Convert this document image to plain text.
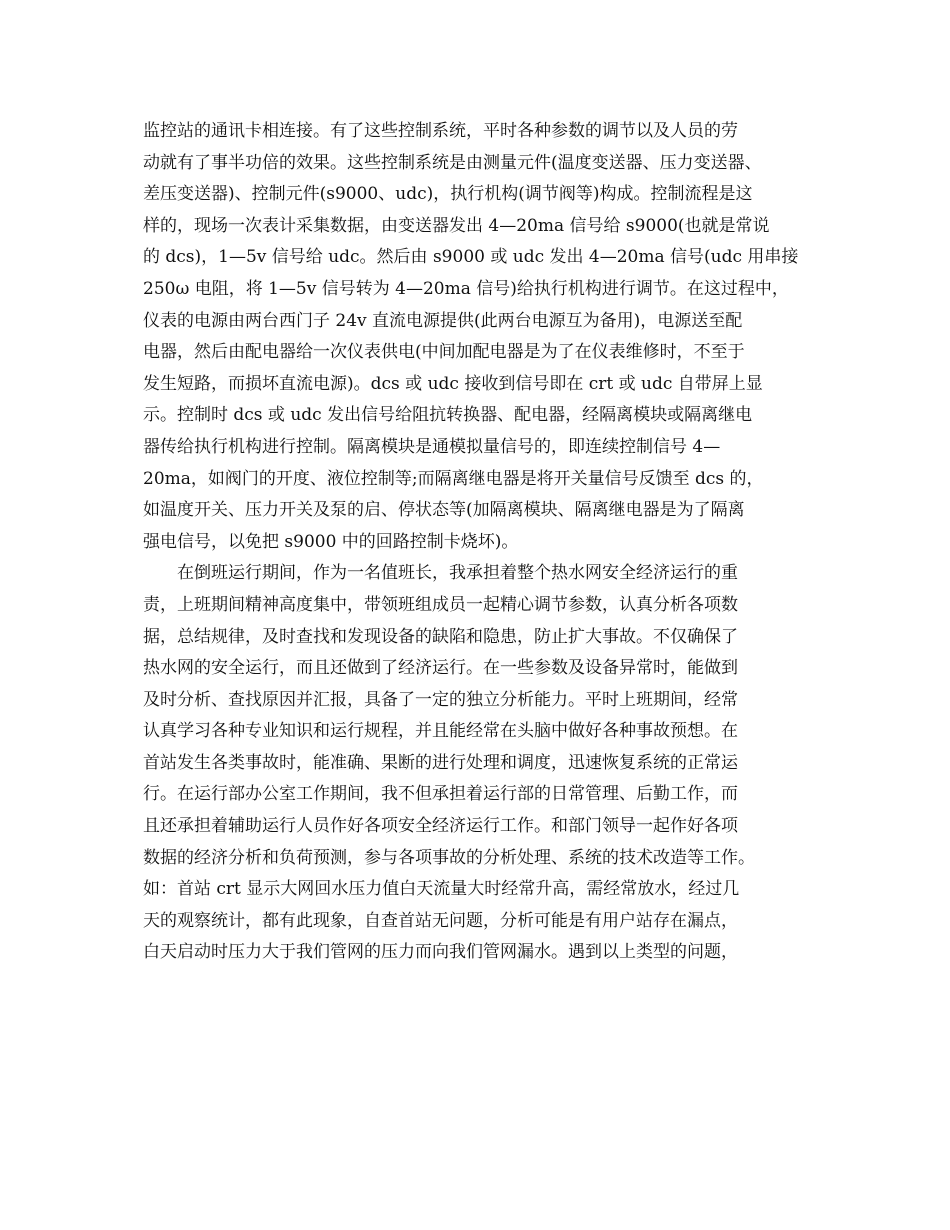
监控站的通讯卡相连接。有了这些控制系统，平时各种参数的调节以及人员的劳
动就有了事半功倍的效果。这些控制系统是由测量元件(温度变送器、压力变送器、
差压变送器)、控制元件(s9000、udc)，执行机构(调节阀等)构成。控制流程是这
样的，现场一次表计采集数据，由变送器发出 4—20ma 信号给 s9000(也就是常说
的 dcs)，1—5v 信号给 udc。然后由 s9000 或 udc 发出 4—20ma 信号(udc 用串接
250ω 电阻，将 1—5v 信号转为 4—20ma 信号)给执行机构进行调节。在这过程中，
仪表的电源由两台西门子 24v 直流电源提供(此两台电源互为备用)，电源送至配
电器，然后由配电器给一次仪表供电(中间加配电器是为了在仪表维修时，不至于
发生短路，而损坏直流电源)。dcs 或 udc 接收到信号即在 crt 或 udc 自带屏上显
示。控制时 dcs 或 udc 发出信号给阻抗转换器、配电器，经隔离模块或隔离继电
器传给执行机构进行控制。隔离模块是通模拟量信号的，即连续控制信号 4—
20ma，如阀门的开度、液位控制等;而隔离继电器是将开关量信号反馈至 dcs 的，
如温度开关、压力开关及泵的启、停状态等(加隔离模块、隔离继电器是为了隔离
强电信号，以免把 s9000 中的回路控制卡烧坏)。
　　在倒班运行期间，作为一名值班长，我承担着整个热水网安全经济运行的重
责，上班期间精神高度集中，带领班组成员一起精心调节参数，认真分析各项数
据，总结规律，及时查找和发现设备的缺陷和隐患，防止扩大事故。不仅确保了
热水网的安全运行，而且还做到了经济运行。在一些参数及设备异常时，能做到
及时分析、查找原因并汇报，具备了一定的独立分析能力。平时上班期间，经常
认真学习各种专业知识和运行规程，并且能经常在头脑中做好各种事故预想。在
首站发生各类事故时，能准确、果断的进行处理和调度，迅速恢复系统的正常运
行。在运行部办公室工作期间，我不但承担着运行部的日常管理、后勤工作，而
且还承担着辅助运行人员作好各项安全经济运行工作。和部门领导一起作好各项
数据的经济分析和负荷预测，参与各项事故的分析处理、系统的技术改造等工作。
如：首站 crt 显示大网回水压力值白天流量大时经常升高，需经常放水，经过几
天的观察统计，都有此现象，自查首站无问题，分析可能是有用户站存在漏点，
白天启动时压力大于我们管网的压力而向我们管网漏水。遇到以上类型的问题，
